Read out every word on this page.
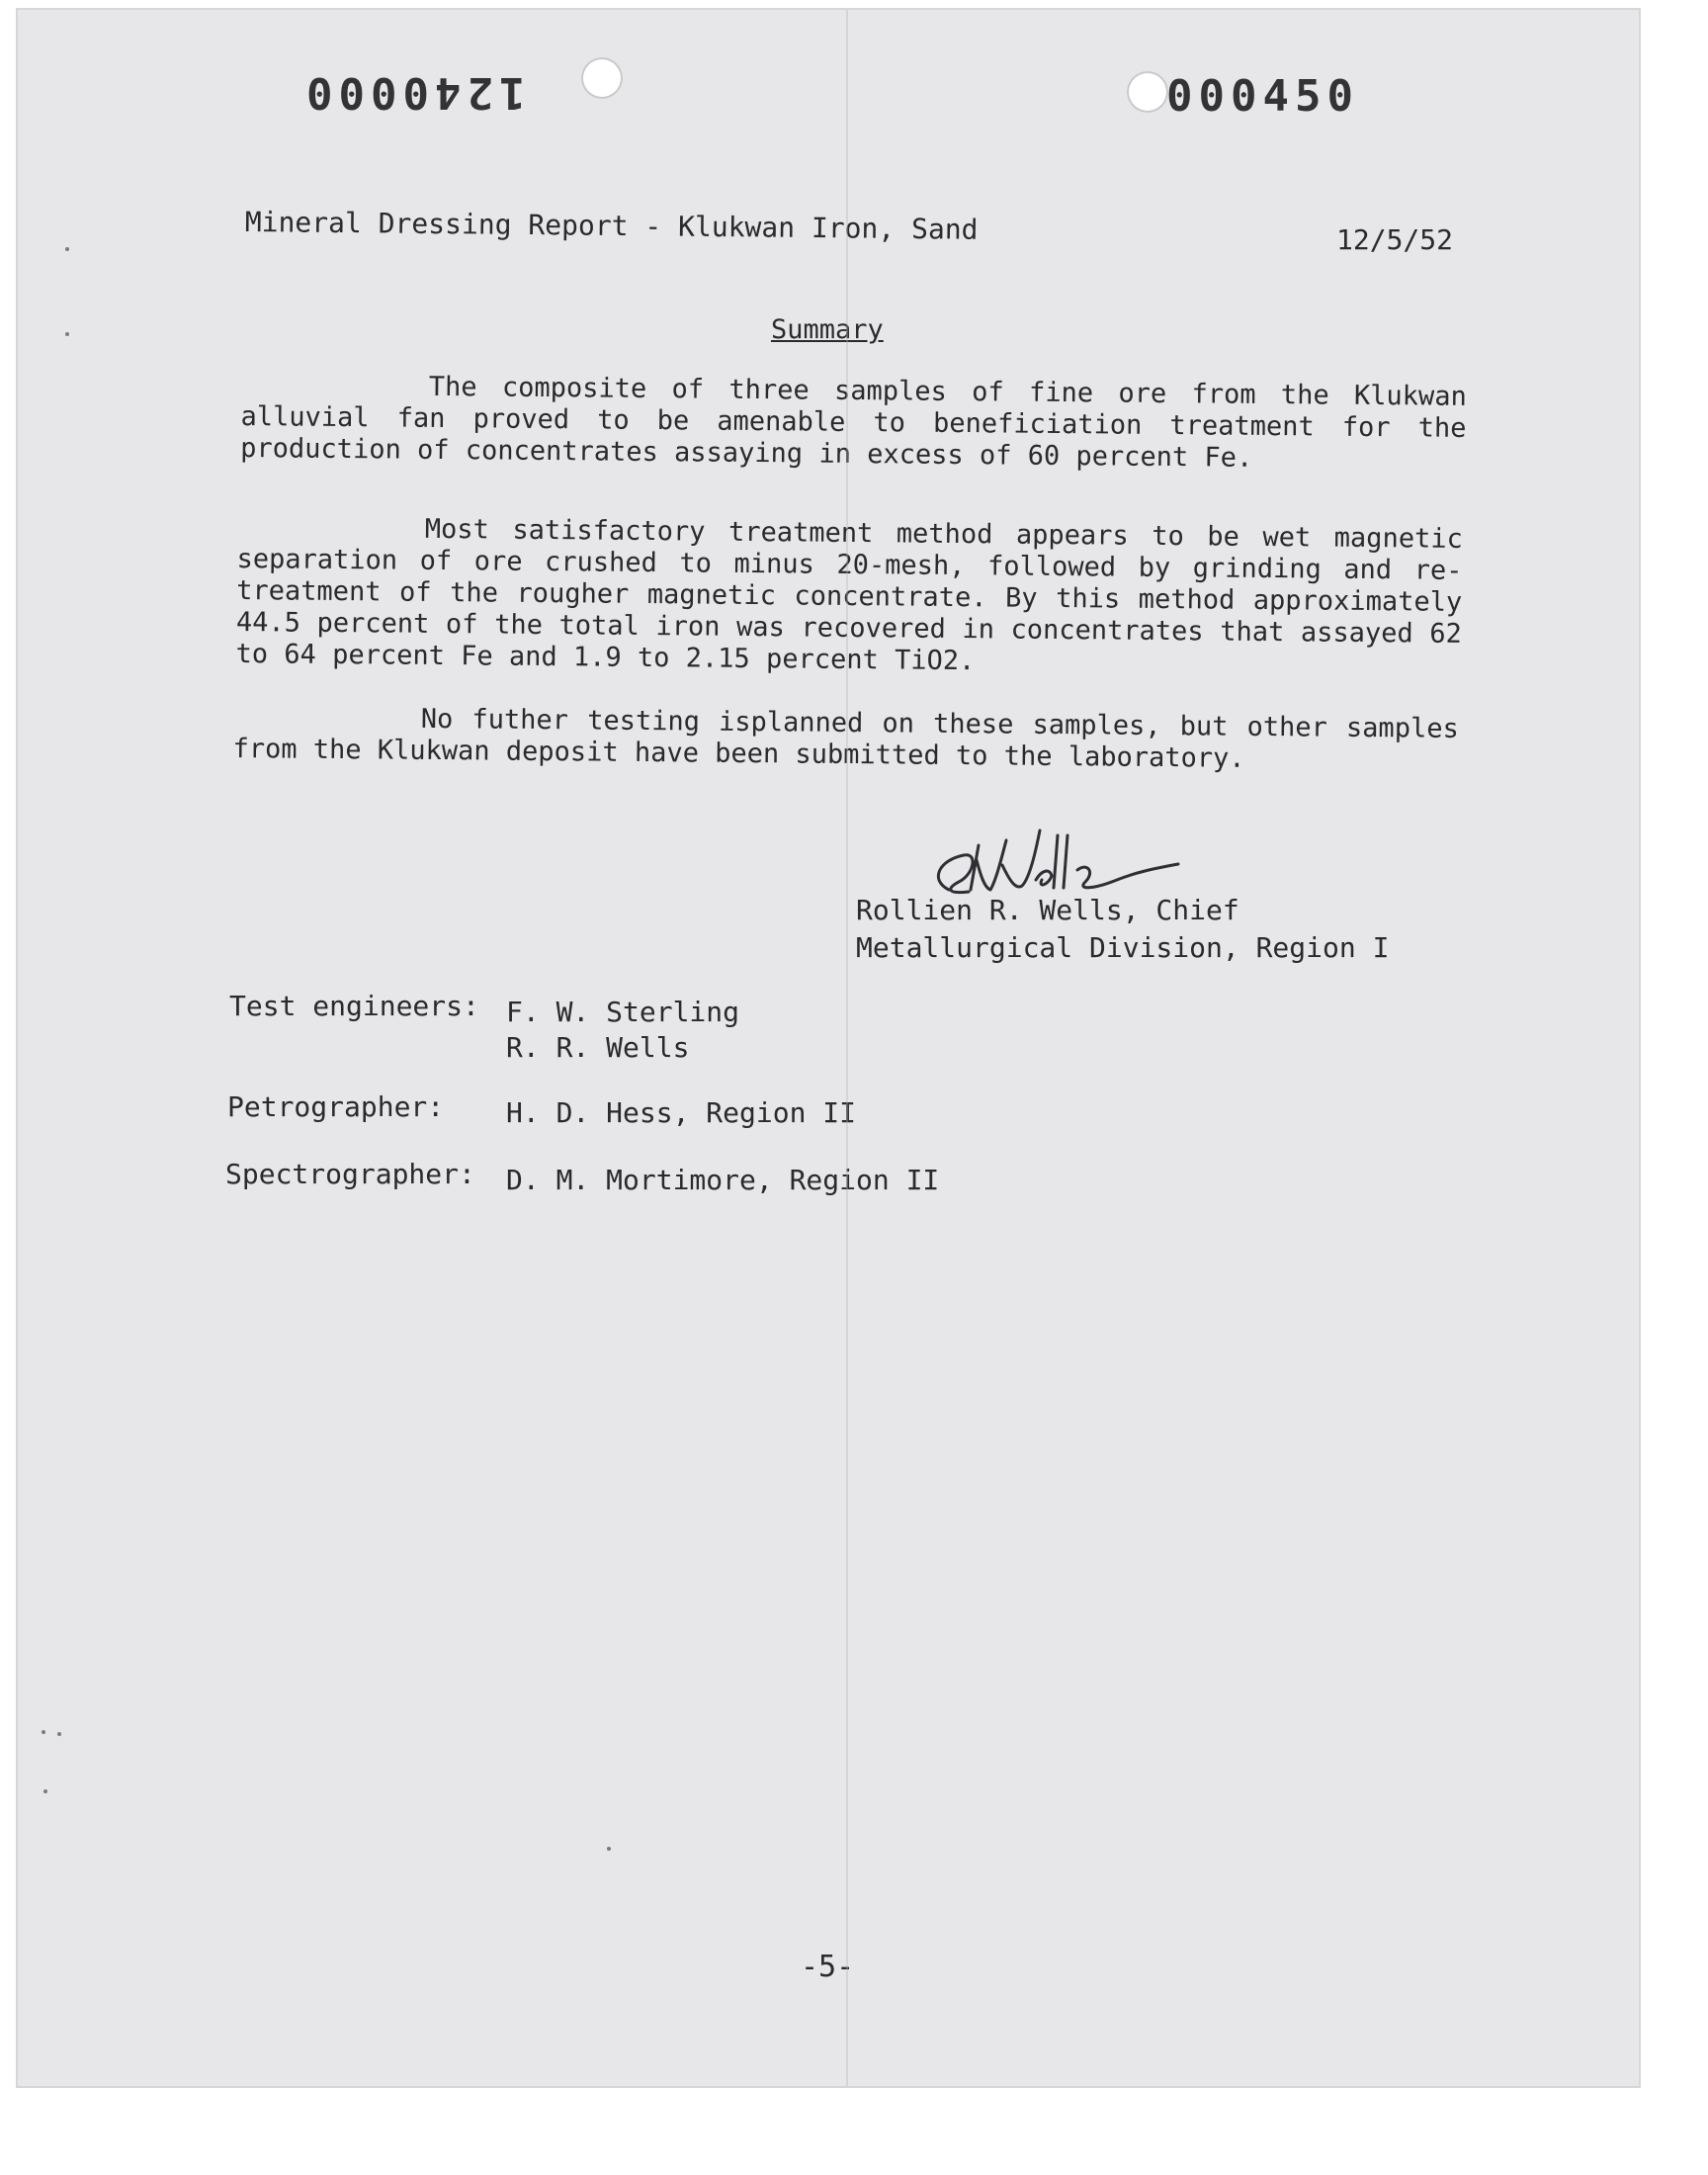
1240000	000450
Mineral Dressing Report - Klukwan Iron, Sand	12/5/52
Summary
The composite of three samples of fine ore from the Klukwan alluvial fan proved to be amenable to beneficiation treatment for the production of concentrates assaying in excess of 60 percent Fe.
Most satisfactory treatment method appears to be wet magnetic separation of ore crushed to minus 20-mesh, followed by grinding and re-treatment of the rougher magnetic concentrate. By this method approximately 44.5 percent of the total iron was recovered in concentrates that assayed 62 to 64 percent Fe and 1.9 to 2.15 percent TiO2.
No futher testing isplanned on these samples, but other samples from the Klukwan deposit have been submitted to the laboratory.
Rollien R. Wells, Chief
Metallurgical Division, Region I
Test engineers: F. W. Sterling
R. R. Wells
Petrographer: H. D. Hess, Region II
Spectrographer: D. M. Mortimore, Region II
-5-
